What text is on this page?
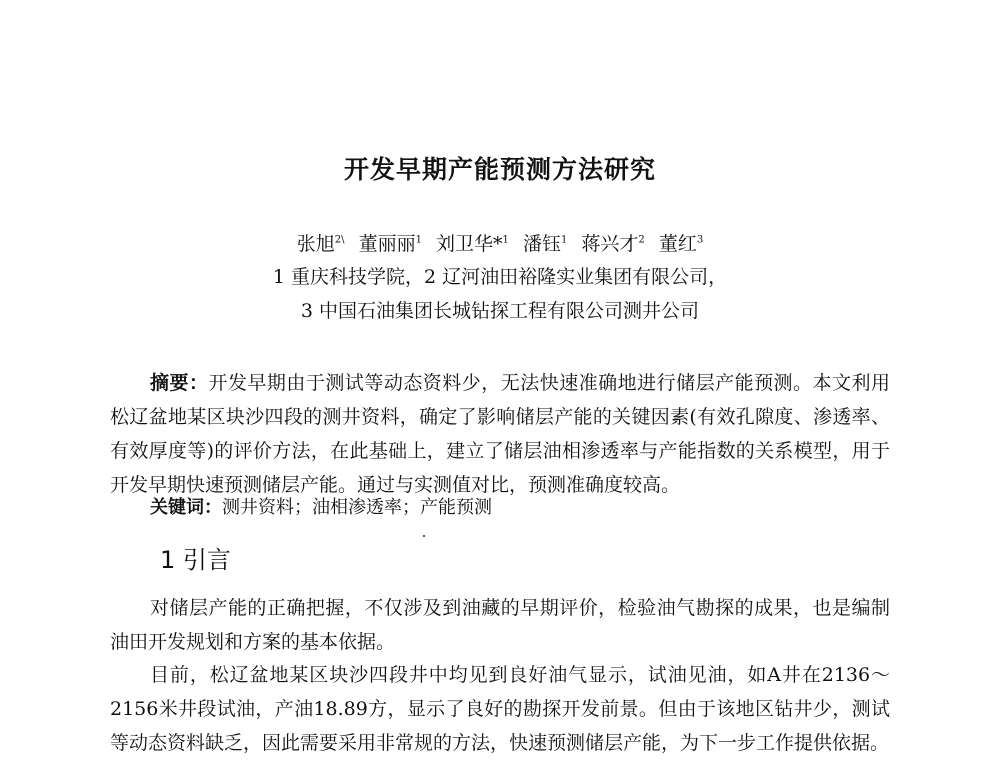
开发早期产能预测方法研究
张旭$^{2\backslash}$ 董丽丽$^1$ 刘卫华*$^1$ 潘钰$^1$ 蒋兴才$^2$ 董红$^3$
1 重庆科技学院，2 辽河油田裕隆实业集团有限公司，
3 中国石油集团长城钻探工程有限公司测井公司
摘要：开发早期由于测试等动态资料少，无法快速准确地进行储层产能预测。本文利用松辽盆地某区块沙四段的测井资料，确定了影响储层产能的关键因素(有效孔隙度、渗透率、有效厚度等)的评价方法，在此基础上，建立了储层油相渗透率与产能指数的关系模型，用于开发早期快速预测储层产能。通过与实测值对比，预测准确度较高。
关键词：测井资料；油相渗透率；产能预测
1 引言
对储层产能的正确把握，不仅涉及到油藏的早期评价，检验油气勘探的成果，也是编制油田开发规划和方案的基本依据。
目前，松辽盆地某区块沙四段井中均见到良好油气显示，试油见油，如A井在2136～2156米井段试油，产油18.89方，显示了良好的勘探开发前景。但由于该地区钻井少，测试等动态资料缺乏，因此需要采用非常规的方法，快速预测储层产能，为下一步工作提供依据。
